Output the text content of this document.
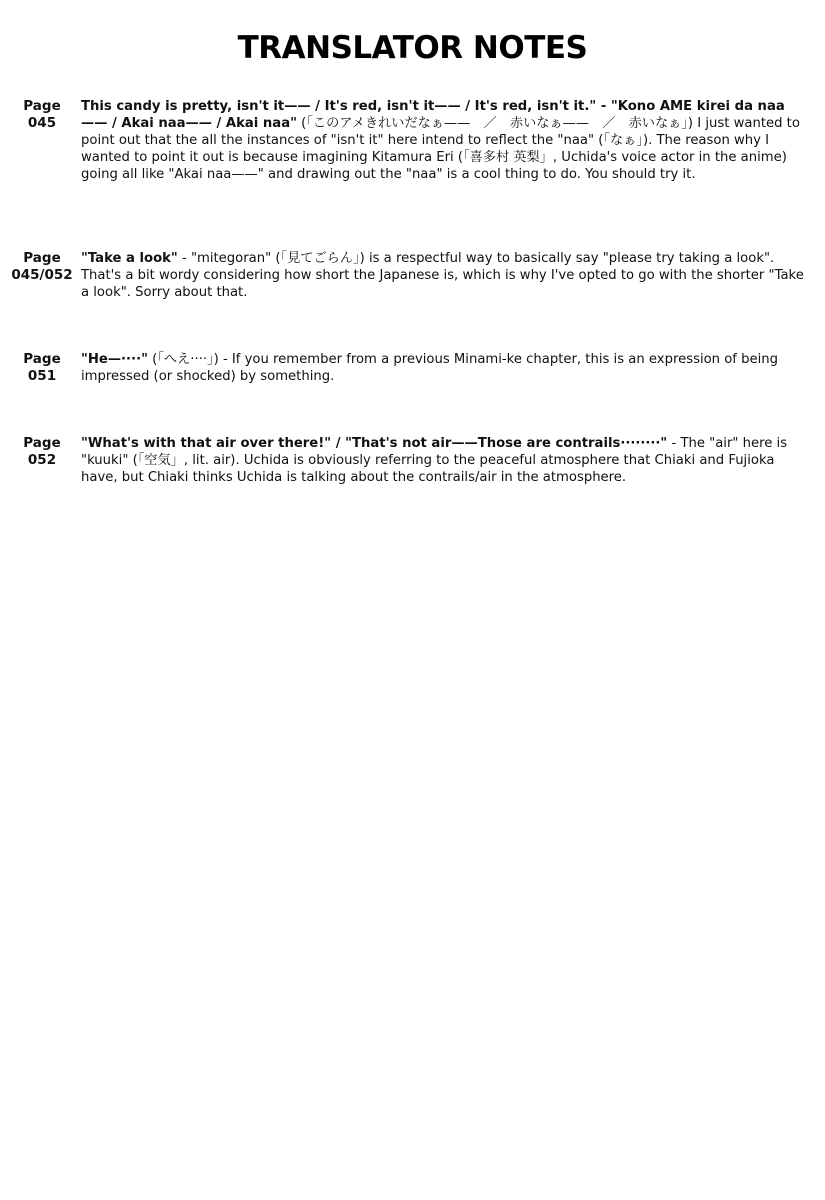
TRANSLATOR NOTES
Page
045
This candy is pretty, isn't it—— / It's red, isn't it—— / It's red, isn't it." - "Kono AME kirei da naa—— / Akai naa—— / Akai naa" (「このアメきれいだなぁ——　／　赤いなぁ——　／　赤いなぁ」) I just wanted to point out that the all the instances of "isn't it" here intend to reflect the "naa" (「なぁ」). The reason why I wanted to point it out is because imagining Kitamura Eri (「喜多村 英梨」, Uchida's voice actor in the anime) going all like "Akai naa——" and drawing out the "naa" is a cool thing to do. You should try it.
Page
045/052
"Take a look" - "mitegoran" (「見てごらん」) is a respectful way to basically say "please try taking a look". That's a bit wordy considering how short the Japanese is, which is why I've opted to go with the shorter "Take a look". Sorry about that.
Page
051
"He—····" (「へえ····」) - If you remember from a previous Minami-ke chapter, this is an expression of being impressed (or shocked) by something.
Page
052
"What's with that air over there!" / "That's not air——Those are contrails········" - The "air" here is "kuuki" (「空気」, lit. air). Uchida is obviously referring to the peaceful atmosphere that Chiaki and Fujioka have, but Chiaki thinks Uchida is talking about the contrails/air in the atmosphere.
